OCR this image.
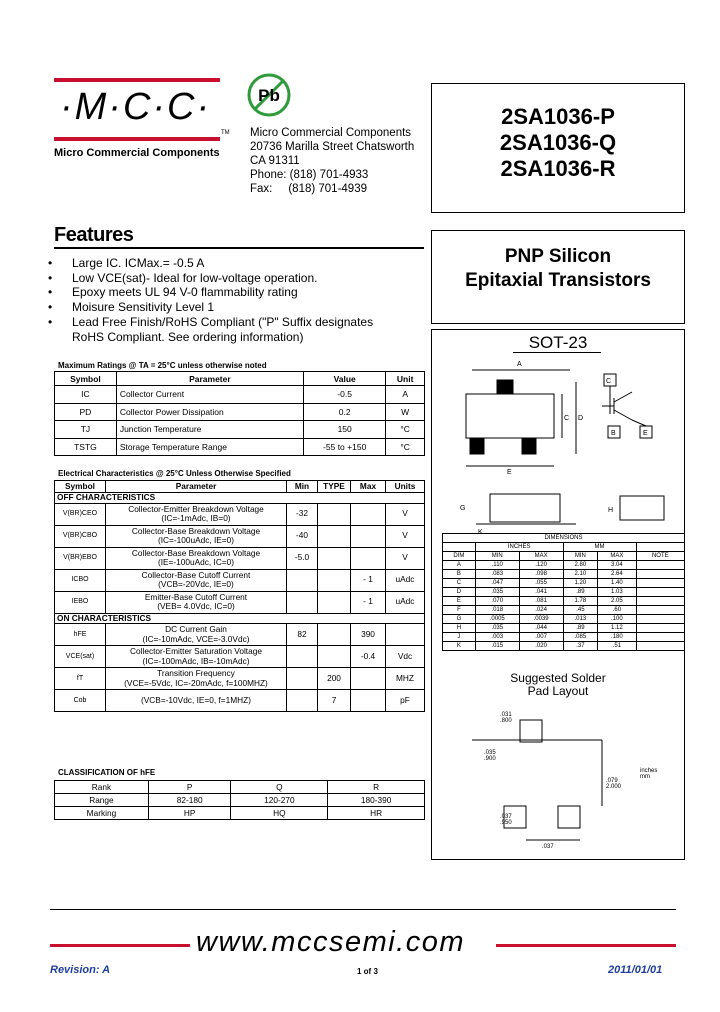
·M·C·C·
TM
Micro Commercial Components
Pb
Micro Commercial Components
20736 Marilla Street Chatsworth
CA 91311
Phone: (818) 701-4933
Fax:     (818) 701-4939
2SA1036-P
2SA1036-Q
2SA1036-R
PNP Silicon
Epitaxial Transistors
SOT-23
A
C D
E
C
B	E
G
K
H
Suggested Solder
Pad Layout
.031
.800
.035
.900
.079
2.000
.037
.950
.037
inches
mm
DIMENSIONS					
	INCHES		MM		
DIM	MIN	MAX	MIN	MAX	NOTE
A	.110	.120	2.80	3.04	
B	.083	.098	2.10	2.64	
C	.047	.055	1.20	1.40	
D	.035	.041	.89	1.03	
E	.070	.081	1.78	2.05	
F	.018	.024	.45	.60	
G	.0005	.0039	.013	.100	
H	.035	.044	.89	1.12	
J	.003	.007	.085	.180	
K	.015	.020	.37	.51	
Features
• Large IC. ICMax.= -0.5 A
• Low VCE(sat)- Ideal for low-voltage operation.
• Epoxy meets UL 94 V-0 flammability rating
• Moisure Sensitivity Level 1
• Lead Free Finish/RoHS Compliant ("P" Suffix designates
RoHS Compliant. See ordering information)
Maximum Ratings @ TA = 25°C unless otherwise noted
Symbol	Parameter	Value	Unit
IC	Collector Current	-0.5	A
PD	Collector Power Dissipation	0.2	W
TJ	Junction Temperature	150	°C
TSTG	Storage Temperature Range	-55 to +150	°C
Electrical Characteristics @ 25°C Unless Otherwise Specified
Symbol	Parameter	Min	TYPE	Max	Units
OFF CHARACTERISTICS					
V(BR)CEO	Collector-Emitter Breakdown Voltage
(IC=-1mAdc, IB=0)	-32			V
V(BR)CBO	Collector-Base Breakdown Voltage
(IC=-100uAdc, IE=0)	-40			V
V(BR)EBO	Collector-Base Breakdown Voltage
(IE=-100uAdc, IC=0)	-5.0			V
ICBO	Collector-Base Cutoff Current
(VCB=-20Vdc, IE=0)			- 1	uAdc
IEBO	Emitter-Base Cutoff Current
(VEB= 4.0Vdc, IC=0)			- 1	uAdc
ON CHARACTERISTICS					
hFE	DC Current Gain
(IC=-10mAdc, VCE=-3.0Vdc)	82		390	
VCE(sat)	Collector-Emitter Saturation Voltage
(IC=-100mAdc, IB=-10mAdc)			-0.4	Vdc
fT	Transition Frequency
(VCE=-5Vdc, IC=-20mAdc, f=100MHZ)		200		MHZ
Cob	(VCB=-10Vdc, IE=0, f=1MHZ)		7		pF
CLASSIFICATION OF hFE
Rank	P	Q	R
Range	82-180	120-270	180-390
Marking	HP	HQ	HR
www.mccsemi.com
Revision: A	1 of 3	2011/01/01
